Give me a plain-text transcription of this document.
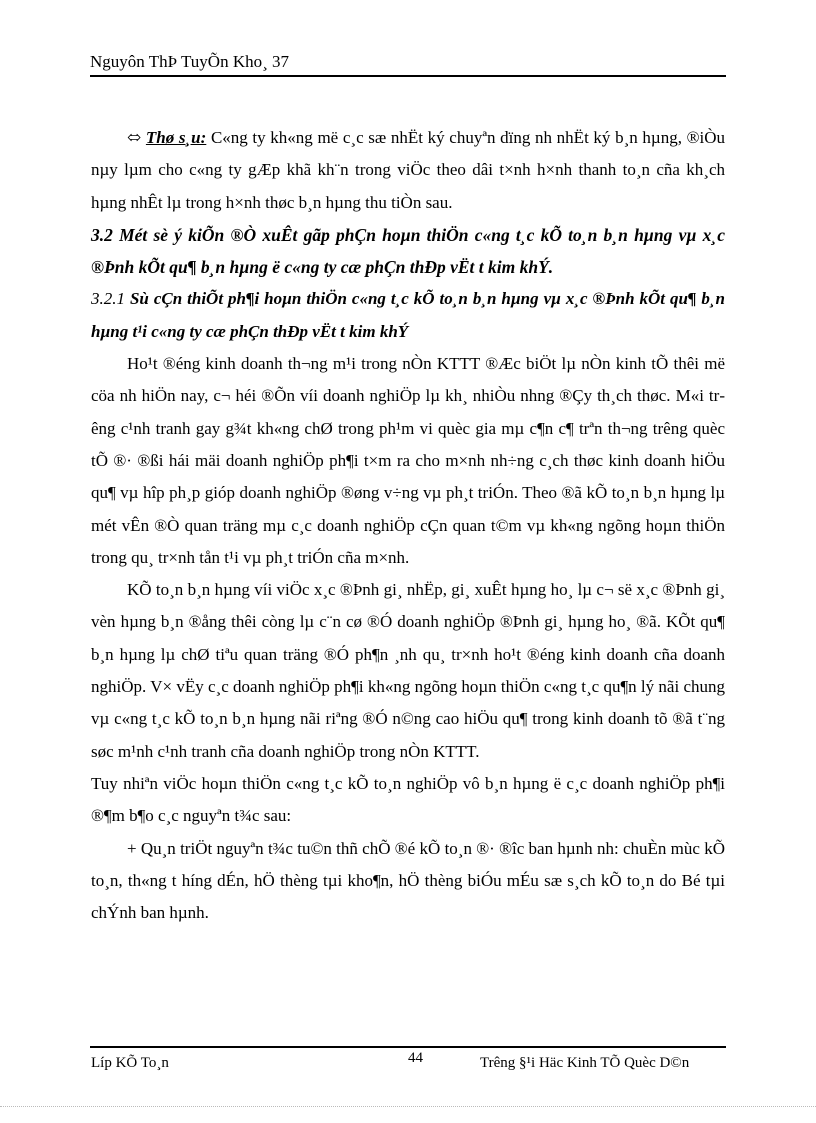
Nguyôn ThÞ TuyÕn Kho¸ 37

⬄ Thø s¸u: C«ng ty kh«ng më c¸c sæ nhËt ký chuyªn dïng nh nhËt ký b¸n hµng, ®iÒu nµy lµm cho c«ng ty gÆp khã kh¨n trong viÖc theo dâi t×nh h×nh thanh to¸n cña kh¸ch hµng nhÊt lµ trong h×nh thøc b¸n hµng thu tiÒn sau.

3.2 Mét sè ý kiÕn ®Ò xuÊt gãp phÇn hoµn thiÖn c«ng t¸c kÕ to¸n b¸n hµng vµ x¸c ®Þnh kÕt qu¶ b¸n hµng ë c«ng ty cæ phÇn thÐp vËt t kim khÝ.

3.2.1 Sù cÇn thiÕt ph¶i hoµn thiÖn c«ng t¸c kÕ to¸n b¸n hµng vµ x¸c ®Þnh kÕt qu¶ b¸n hµng t¹i c«ng ty cæ phÇn thÐp vËt t kim khÝ

Ho¹t ®éng kinh doanh th¬ng m¹i trong nÒn KTTT ®Æc biÖt lµ nÒn kinh tÕ thêi më cöa nh hiÖn nay, c¬ héi ®Õn víi doanh nghiÖp lµ kh¸ nhiÒu nhng ®Çy th¸ch thøc. M«i trêng c¹nh tranh gay g¾t kh«ng chØ trong ph¹m vi quèc gia mµ c¶n c¶ trªn th¬ng trêng quèc tÕ ®· ®ßi hái mäi doanh nghiÖp ph¶i t×m ra cho m×nh nh÷ng c¸ch thøc kinh doanh hiÖu qu¶ vµ hîp ph¸p gióp doanh nghiÖp ®øng v÷ng vµ ph¸t triÓn. Theo ®ã kÕ to¸n b¸n hµng lµ mét vÊn ®Ò quan träng mµ c¸c doanh nghiÖp cÇn quan t©m vµ kh«ng ngõng hoµn thiÖn trong qu¸ tr×nh tån t¹i vµ ph¸t triÓn cña m×nh.

KÕ to¸n b¸n hµng víi viÖc x¸c ®Þnh gi¸ nhËp, gi¸ xuÊt hµng ho¸ lµ c¬ së x¸c ®Þnh gi¸ vèn hµng b¸n ®ång thêi còng lµ c¨n cø ®Ó doanh nghiÖp ®Þnh gi¸ hµng ho¸ ®ã. KÕt qu¶ b¸n hµng lµ chØ tiªu quan träng ®Ó ph¶n ¸nh qu¸ tr×nh ho¹t ®éng kinh doanh cña doanh nghiÖp. V× vËy c¸c doanh nghiÖp ph¶i kh«ng ngõng hoµn thiÖn c«ng t¸c qu¶n lý nãi chung vµ c«ng t¸c kÕ to¸n b¸n hµng nãi riªng ®Ó n©ng cao hiÖu qu¶ trong kinh doanh tõ ®ã t¨ng søc m¹nh c¹nh tranh cña doanh nghiÖp trong nÒn KTTT.

Tuy nhiªn viÖc hoµn thiÖn c«ng t¸c kÕ to¸n nghiÖp vô b¸n hµng ë c¸c doanh nghiÖp ph¶i ®¶m b¶o c¸c nguyªn t¾c sau:

+ Qu¸n triÖt nguyªn t¾c tu©n thñ chÕ ®é kÕ to¸n ®· ®îc ban hµnh nh: chuÈn mùc kÕ to¸n, th«ng t híng dÉn, hÖ thèng tµi kho¶n, hÖ thèng biÓu mÉu sæ s¸ch kÕ to¸n do Bé tµi chÝnh ban hµnh.

Líp KÕ To¸n	44	Trêng §¹i Häc Kinh TÕ Quèc D©n
